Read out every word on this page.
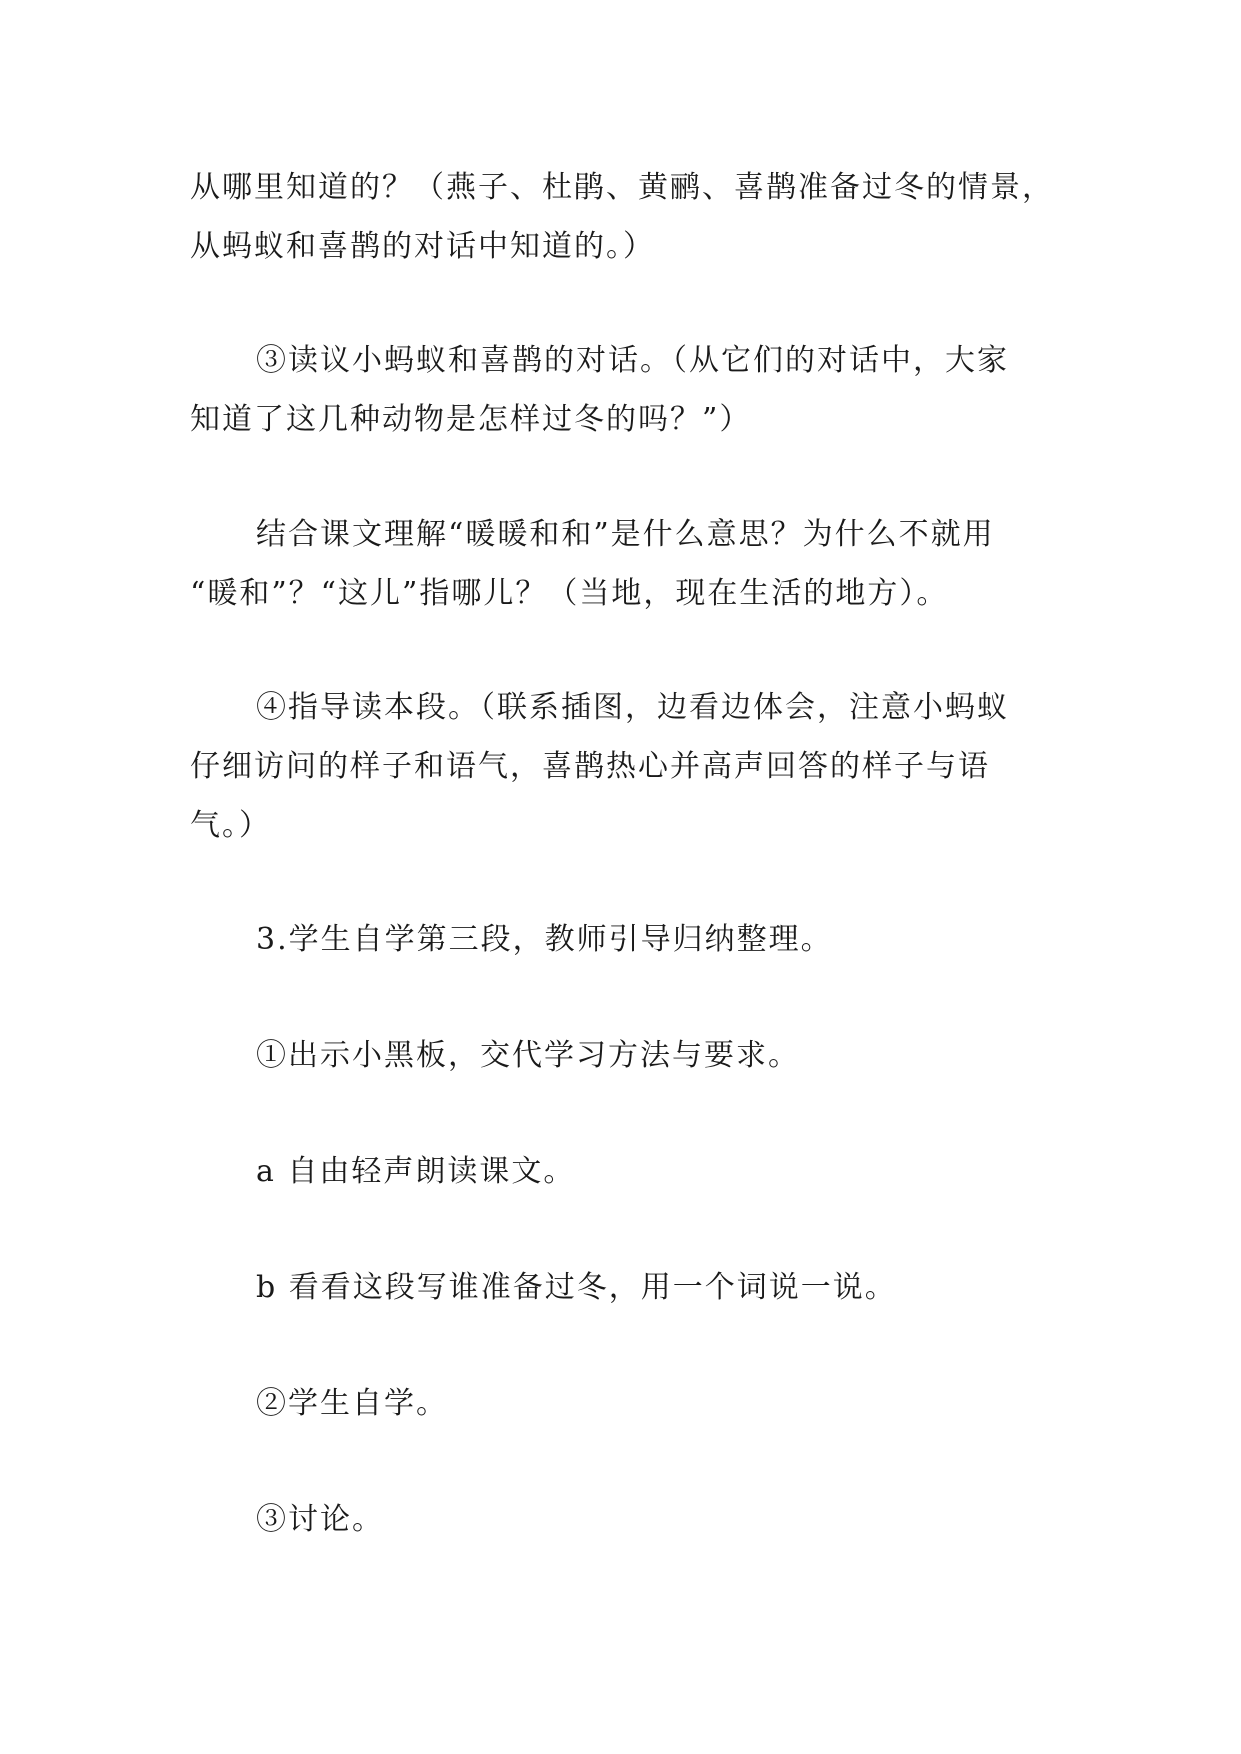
从哪里知道的？（燕子、杜鹃、黄鹂、喜鹊准备过冬的情景，
从蚂蚁和喜鹊的对话中知道的。）
③读议小蚂蚁和喜鹊的对话。（从它们的对话中，大家
知道了这几种动物是怎样过冬的吗？”）
结合课文理解“暖暖和和”是什么意思？为什么不就用
“暖和”？“这儿”指哪儿？（当地，现在生活的地方）。
④指导读本段。（联系插图，边看边体会，注意小蚂蚁
仔细访问的样子和语气，喜鹊热心并高声回答的样子与语
气。）
3.学生自学第三段，教师引导归纳整理。
①出示小黑板，交代学习方法与要求。
a 自由轻声朗读课文。
b 看看这段写谁准备过冬，用一个词说一说。
②学生自学。
③讨论。
